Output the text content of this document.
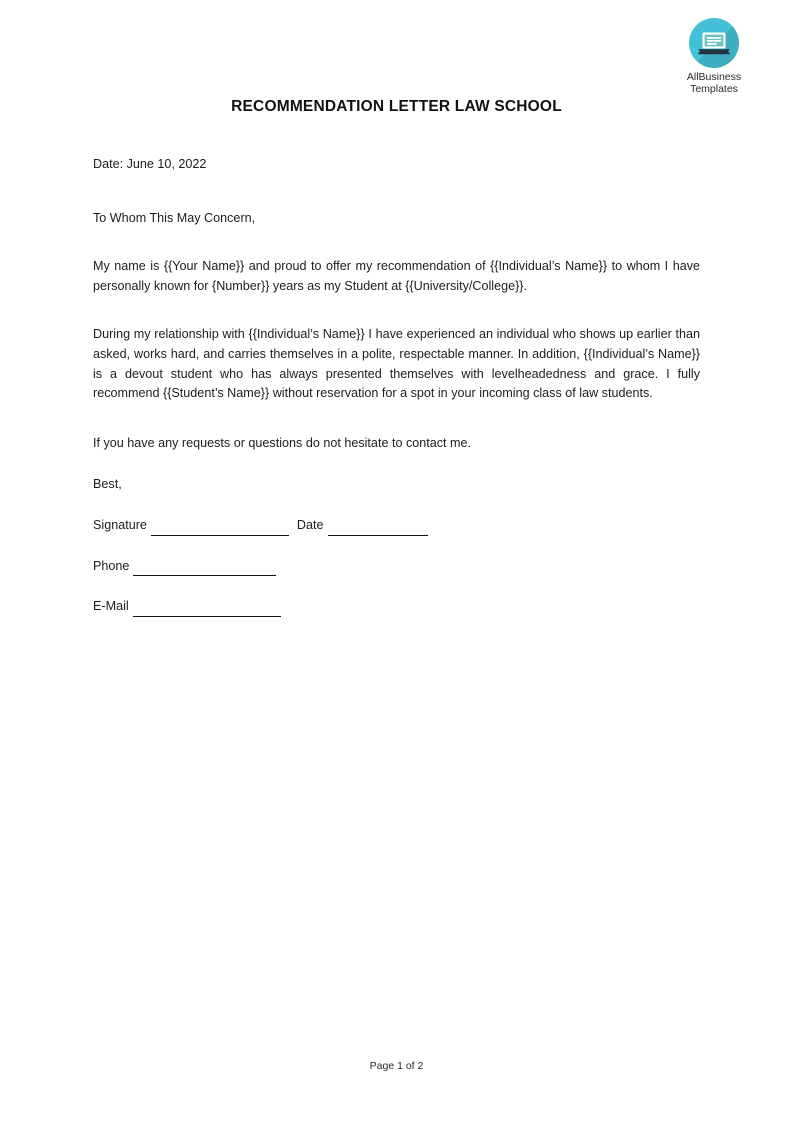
AllBusiness
Templates
RECOMMENDATION LETTER LAW SCHOOL
Date: June 10, 2022
To Whom This May Concern,
My name is {{Your Name}} and proud to offer my recommendation of {{Individual’s Name}} to whom I have personally known for {Number}} years as my Student at {{University/College}}.
During my relationship with {{Individual’s Name}} I have experienced an individual who shows up earlier than asked, works hard, and carries themselves in a polite, respectable manner. In addition, {{Individual’s Name}} is a devout student who has always presented themselves with levelheadedness and grace. I fully recommend {{Student’s Name}} without reservation for a spot in your incoming class of law students.
If you have any requests or questions do not hesitate to contact me.
Best,
Signature	Date
Phone
E-Mail
Page 1 of 2
